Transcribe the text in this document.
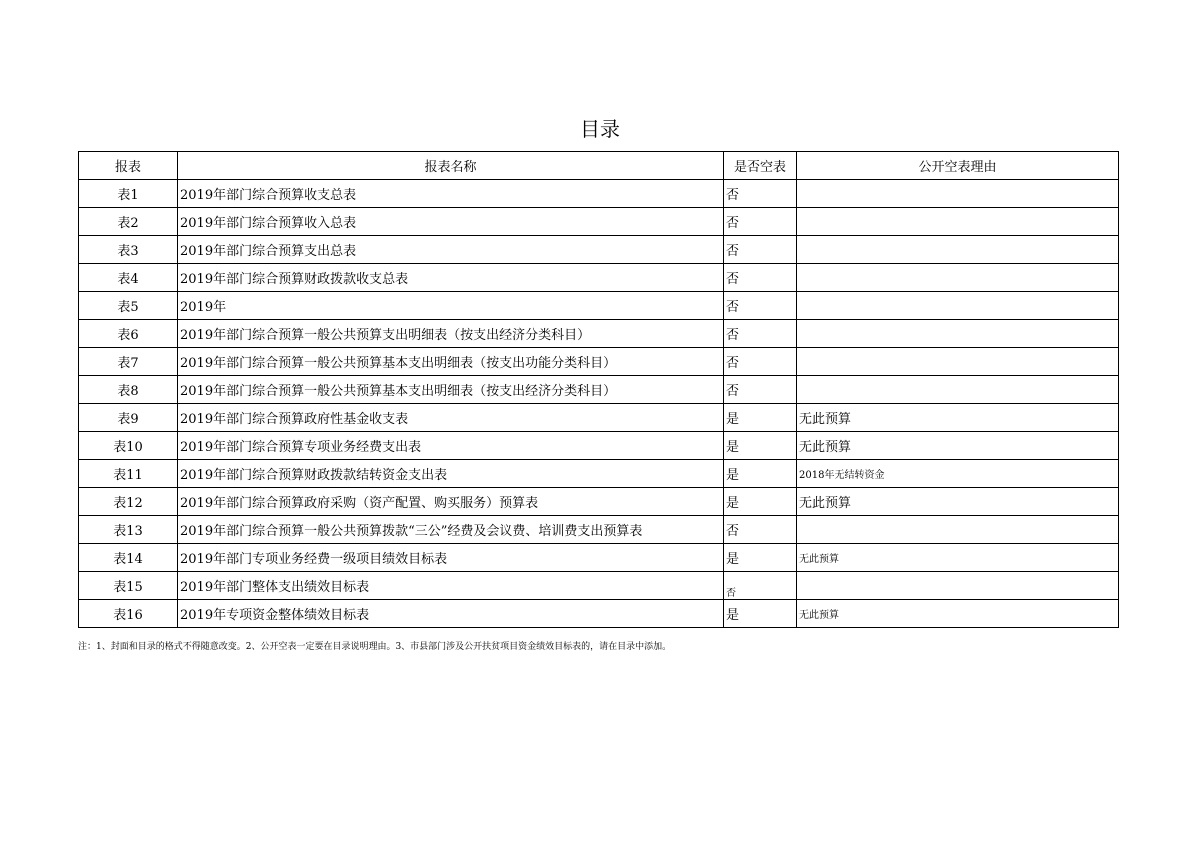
目录
报表	报表名称	是否空表	公开空表理由
表1	2019年部门综合预算收支总表	否	
表2	2019年部门综合预算收入总表	否	
表3	2019年部门综合预算支出总表	否	
表4	2019年部门综合预算财政拨款收支总表	否	
表5	2019年	否	
表6	2019年部门综合预算一般公共预算支出明细表（按支出经济分类科目）	否	
表7	2019年部门综合预算一般公共预算基本支出明细表（按支出功能分类科目）	否	
表8	2019年部门综合预算一般公共预算基本支出明细表（按支出经济分类科目）	否	
表9	2019年部门综合预算政府性基金收支表	是	无此预算
表10	2019年部门综合预算专项业务经费支出表	是	无此预算
表11	2019年部门综合预算财政拨款结转资金支出表	是	2018年无结转资金
表12	2019年部门综合预算政府采购（资产配置、购买服务）预算表	是	无此预算
表13	2019年部门综合预算一般公共预算拨款“三公”经费及会议费、培训费支出预算表	否	
表14	2019年部门专项业务经费一级项目绩效目标表	是	无此预算
表15	2019年部门整体支出绩效目标表	否	
表16	2019年专项资金整体绩效目标表	是	无此预算
注：1、封面和目录的格式不得随意改变。2、公开空表一定要在目录说明理由。3、市县部门涉及公开扶贫项目资金绩效目标表的，请在目录中添加。
